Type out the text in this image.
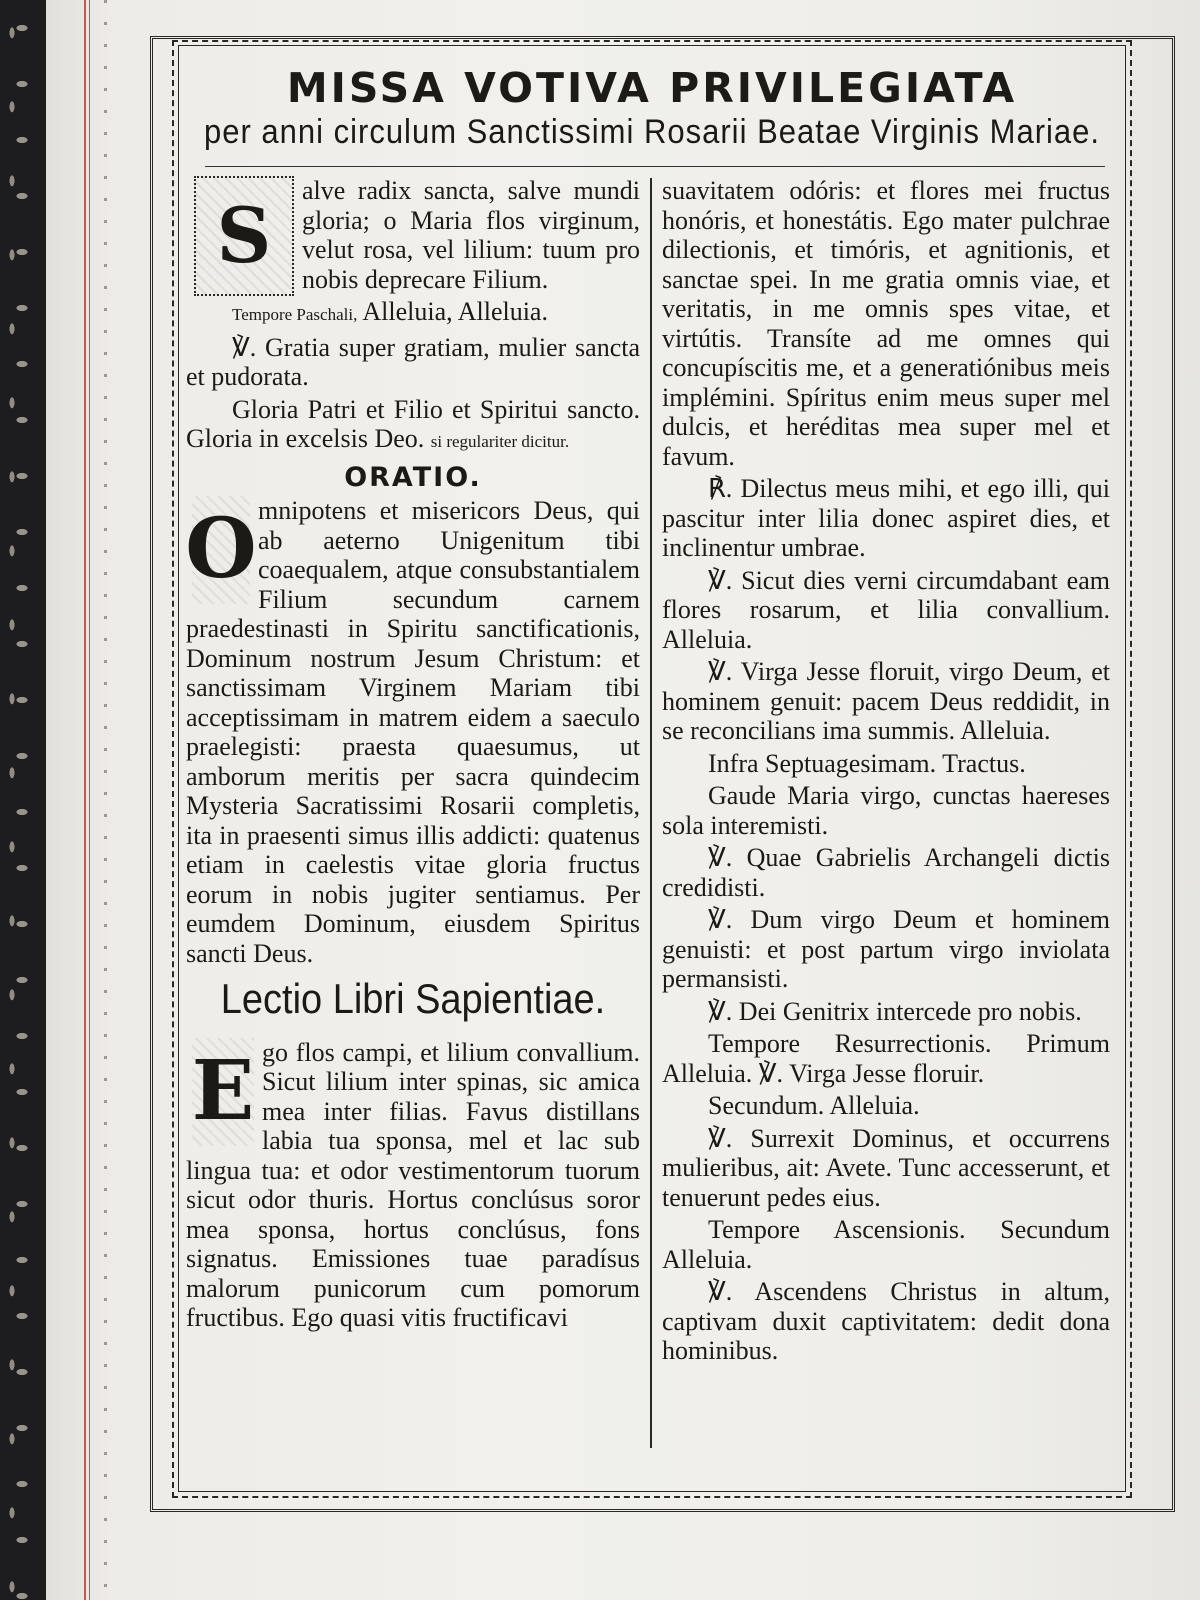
MISSA VOTIVA PRIVILEGIATA
per anni circulum Sanctissimi Rosarii Beatae Virginis Mariae.

S
alve radix sancta, salve mundi gloria; o Maria flos virginum, velut rosa, vel lilium: tuum pro nobis deprecare Filium.

Tempore Paschali, Alleluia, Alleluia.

℣. Gratia super gratiam, mulier sancta et pudorata.

Gloria Patri et Filio et Spiritui sancto. Gloria in excelsis Deo. si regulariter dicitur.

ORATIO.

O mnipotens et misericors Deus, qui ab aeterno Unigenitum tibi coaequalem, atque consubstantialem Filium secundum carnem praedestinasti in Spiritu sanctificationis, Dominum nostrum Jesum Christum: et sanctissimam Virginem Mariam tibi acceptissimam in matrem eidem a saeculo praelegisti: praesta quaesumus, ut amborum meritis per sacra quindecim Mysteria Sacratissimi Rosarii completis, ita in praesenti simus illis addicti: quatenus etiam in caelestis vitae gloria fructus eorum in nobis jugiter sentiamus. Per eumdem Dominum, eiusdem Spiritus sancti Deus.

Lectio Libri Sapientiae.

E go flos campi, et lilium convallium. Sicut lilium inter spinas, sic amica mea inter filias. Favus distillans labia tua sponsa, mel et lac sub lingua tua: et odor vestimentorum tuorum sicut odor thuris. Hortus conclúsus soror mea sponsa, hortus conclúsus, fons signatus. Emissiones tuae paradísus malorum punicorum cum pomorum fructibus. Ego quasi vitis fructificavi

suavitatem odóris: et flores mei fructus honóris, et honestátis. Ego mater pulchrae dilectionis, et timóris, et agnitionis, et sanctae spei. In me gratia omnis viae, et veritatis, in me omnis spes vitae, et virtútis. Transíte ad me omnes qui concupíscitis me, et a generatiónibus meis implémini. Spíritus enim meus super mel dulcis, et heréditas mea super mel et favum.

℟. Dilectus meus mihi, et ego illi, qui pascitur inter lilia donec aspiret dies, et inclinentur umbrae.

℣. Sicut dies verni circumdabant eam flores rosarum, et lilia convallium. Alleluia.

℣. Virga Jesse floruit, virgo Deum, et hominem genuit: pacem Deus reddidit, in se reconcilians ima summis. Alleluia.

Infra Septuagesimam. Tractus.

Gaude Maria virgo, cunctas haereses sola interemisti.

℣. Quae Gabrielis Archangeli dictis credidisti.

℣. Dum virgo Deum et hominem genuisti: et post partum virgo inviolata permansisti.

℣. Dei Genitrix intercede pro nobis.

Tempore Resurrectionis. Primum Alleluia. ℣. Virga Jesse floruir.

Secundum. Alleluia.

℣. Surrexit Dominus, et occurrens mulieribus, ait: Avete. Tunc accesserunt, et tenuerunt pedes eius.

Tempore Ascensionis. Secundum Alleluia.

℣. Ascendens Christus in altum, captivam duxit captivitatem: dedit dona hominibus.
